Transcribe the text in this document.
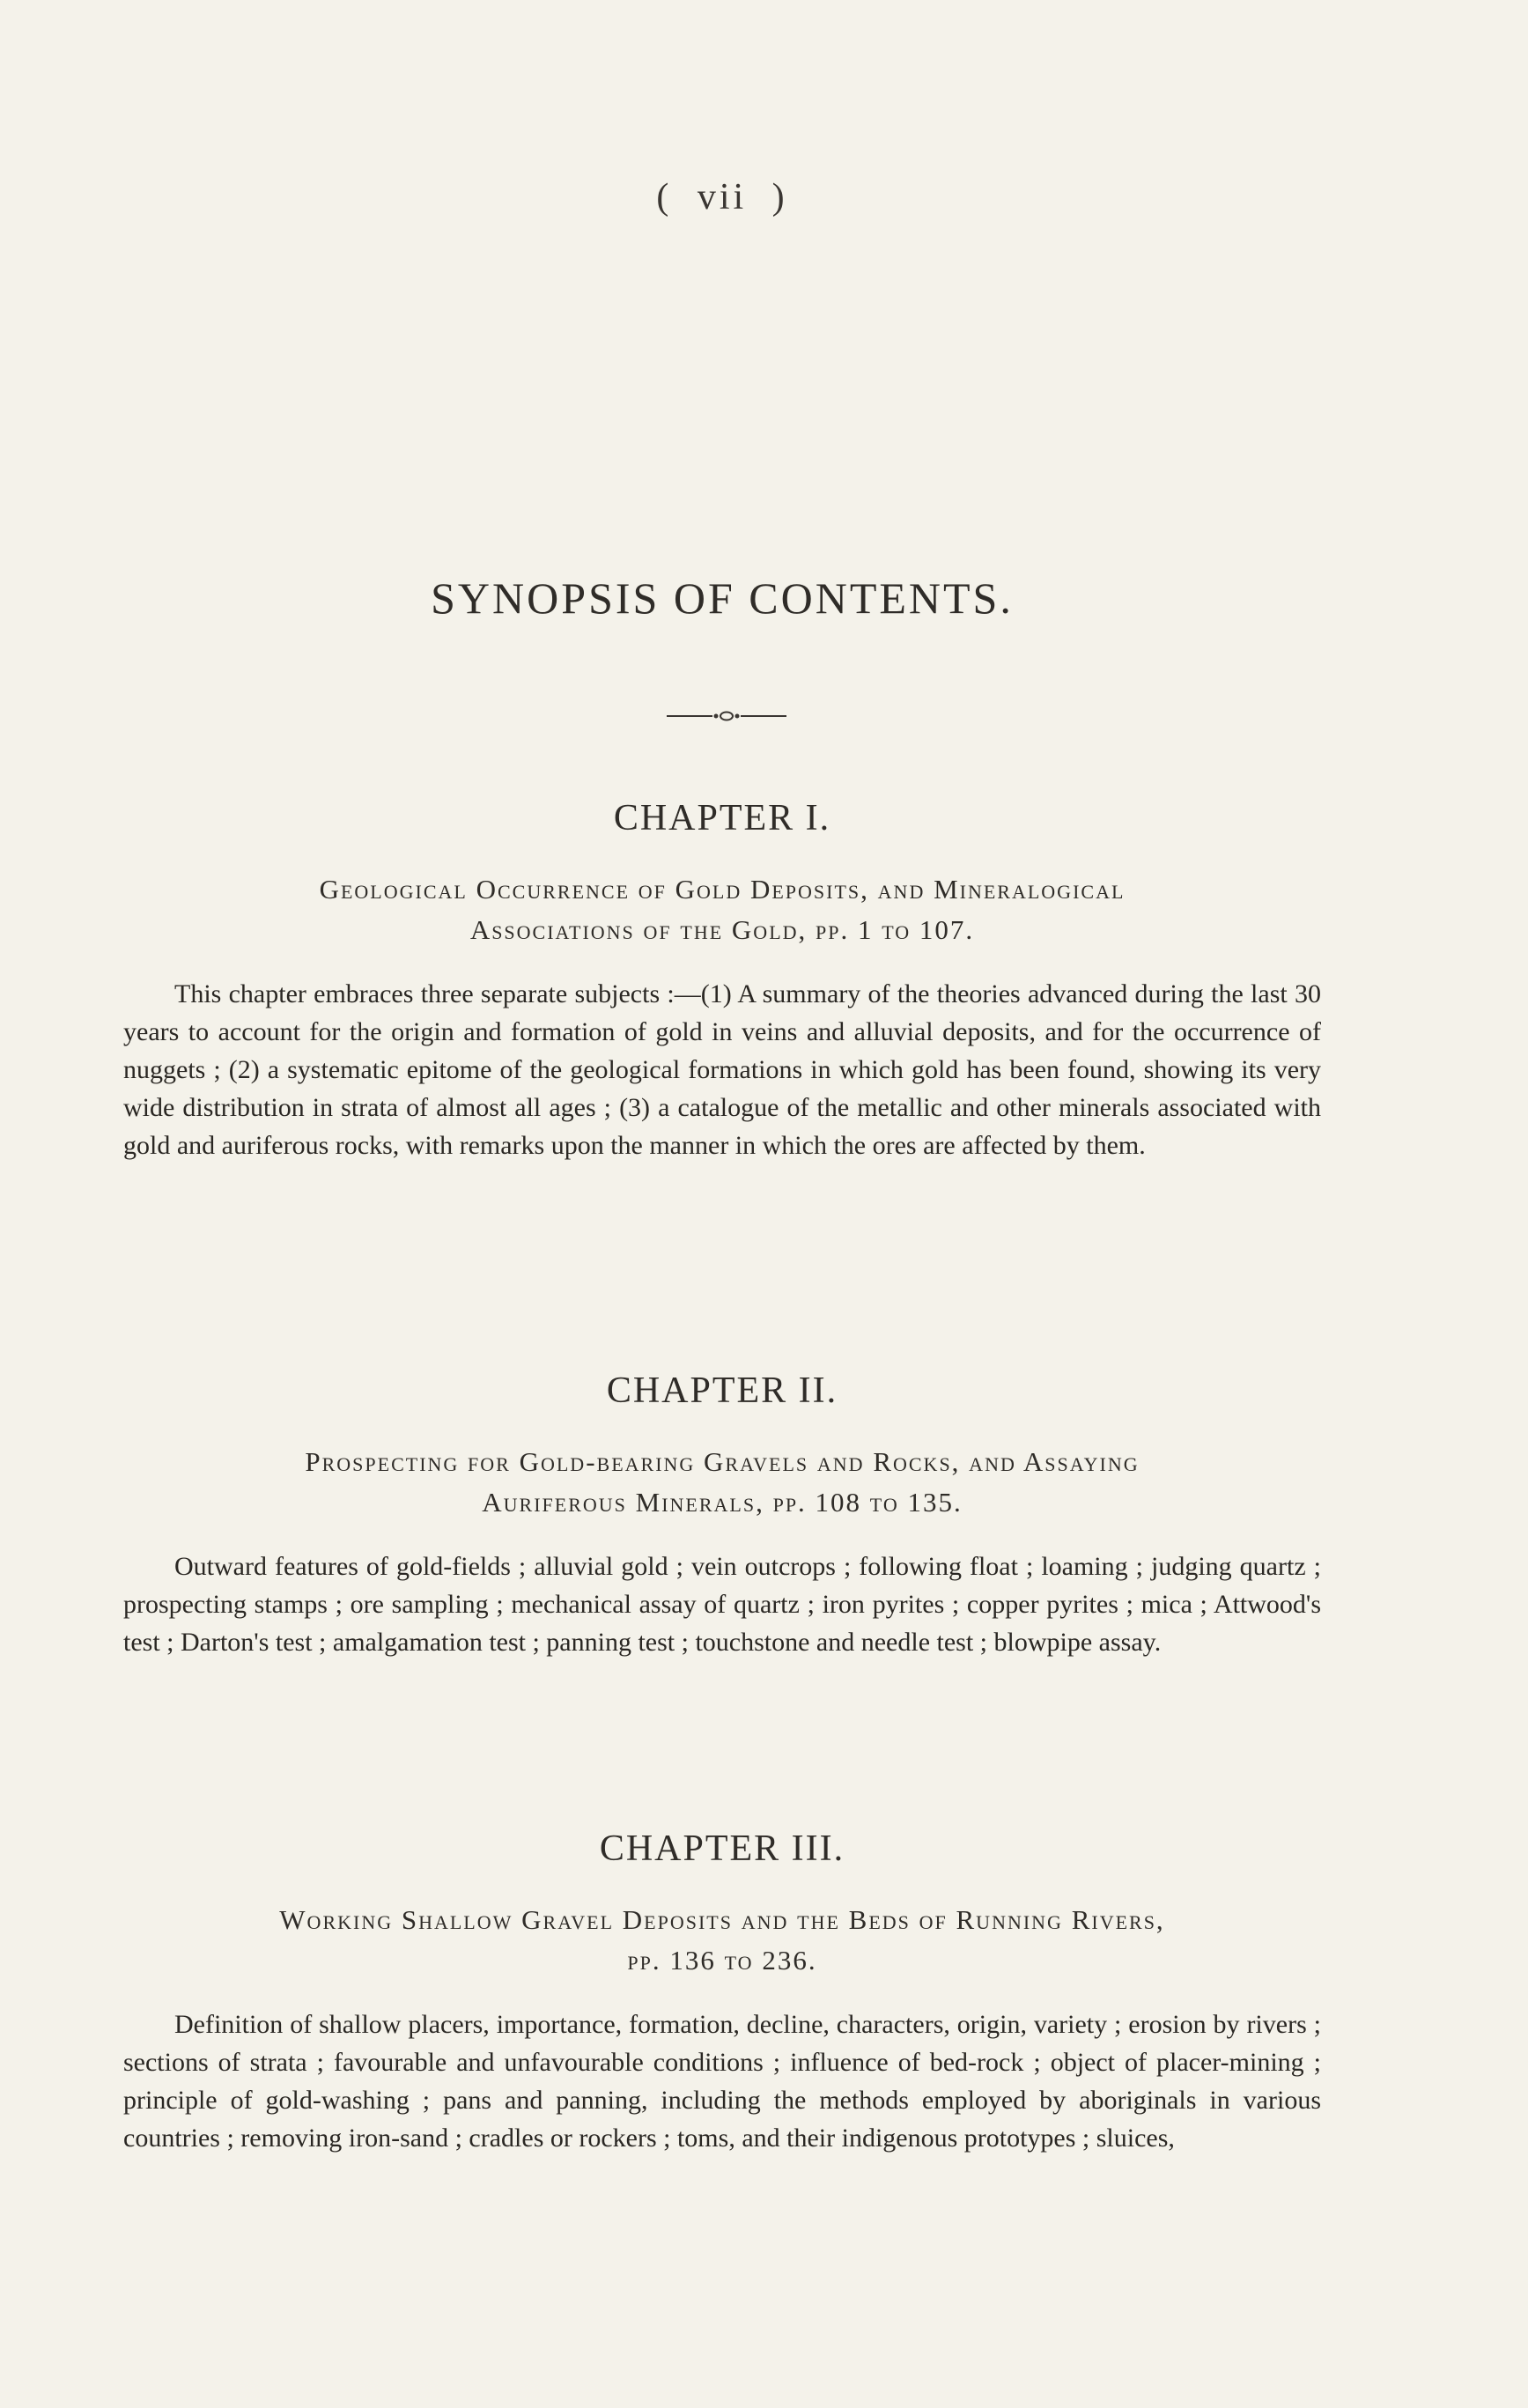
( vii )
SYNOPSIS OF CONTENTS.
CHAPTER I.
Geological Occurrence of Gold Deposits, and Mineralogical
Associations of the Gold, pp. 1 to 107.

This chapter embraces three separate subjects :—(1) A summary of the theories advanced during the last 30 years to account for the origin and formation of gold in veins and alluvial deposits, and for the occurrence of nuggets ; (2) a systematic epitome of the geological formations in which gold has been found, showing its very wide distribution in strata of almost all ages ; (3) a catalogue of the metallic and other minerals associated with gold and auriferous rocks, with remarks upon the manner in which the ores are affected by them.

CHAPTER II.
Prospecting for Gold-bearing Gravels and Rocks, and Assaying
Auriferous Minerals, pp. 108 to 135.

Outward features of gold-fields ; alluvial gold ; vein outcrops ; following float ; loaming ; judging quartz ; prospecting stamps ; ore sampling ; mechanical assay of quartz ; iron pyrites ; copper pyrites ; mica ; Attwood's test ; Darton's test ; amalgamation test ; panning test ; touchstone and needle test ; blowpipe assay.

CHAPTER III.
Working Shallow Gravel Deposits and the Beds of Running Rivers,
pp. 136 to 236.

Definition of shallow placers, importance, formation, decline, characters, origin, variety ; erosion by rivers ; sections of strata ; favourable and unfavourable conditions ; influence of bed-rock ; object of placer-mining ; principle of gold-washing ; pans and panning, including the methods employed by aboriginals in various countries ; removing iron-sand ; cradles or rockers ; toms, and their indigenous prototypes ; sluices,
